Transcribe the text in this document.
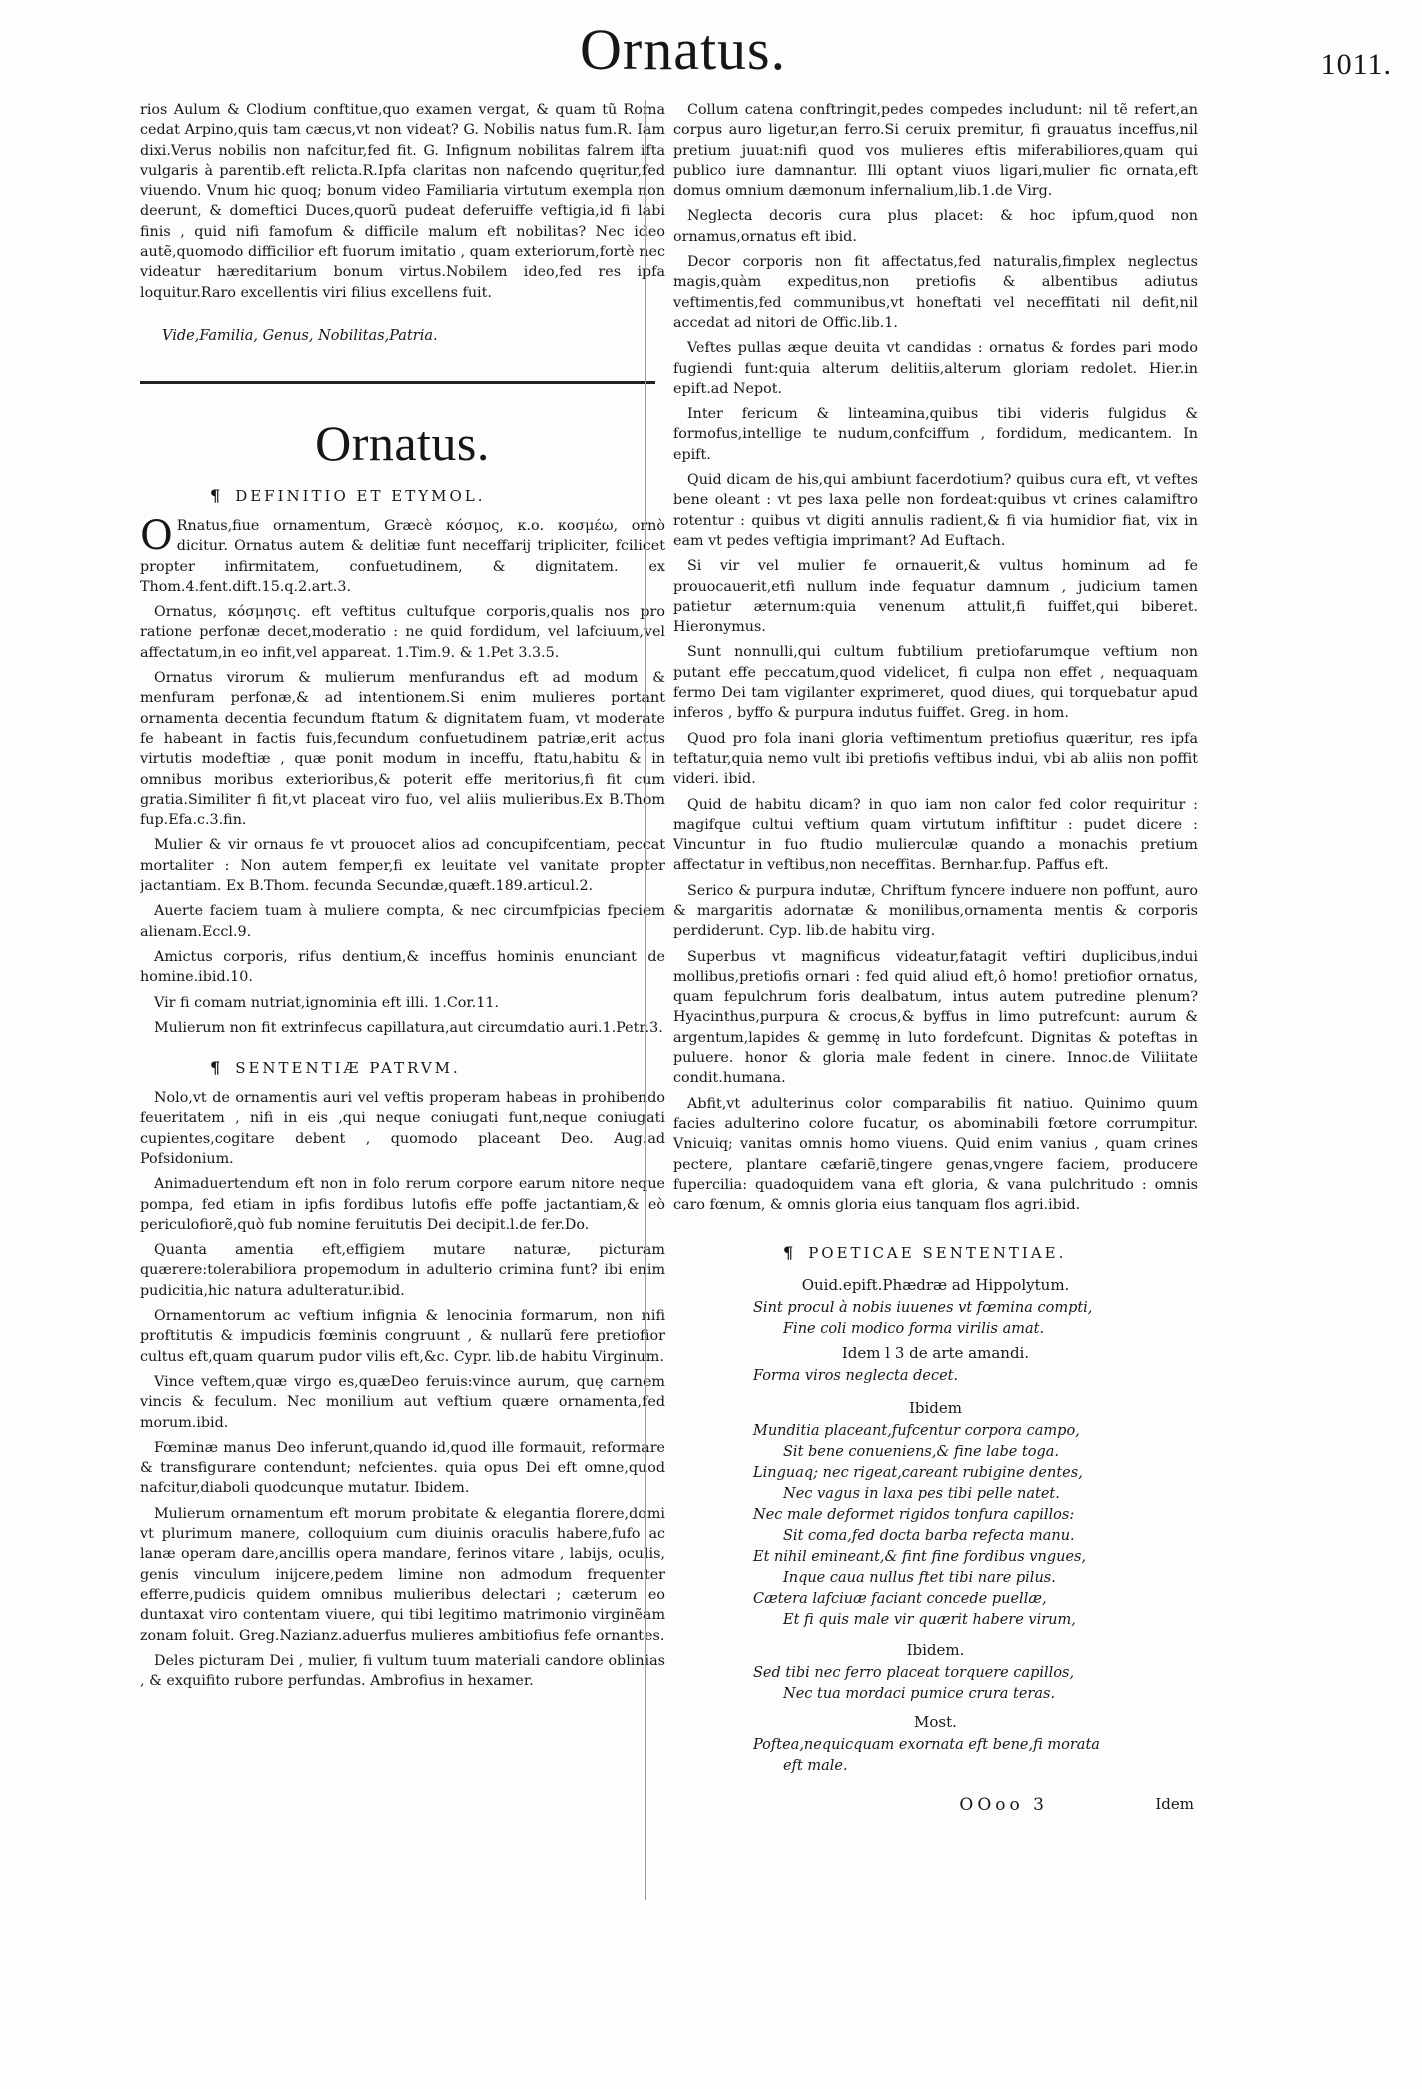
Ornatus.	1011.

rios Aulum & Clodium conftitue,quo examen vergat, & quam tũ Roma cedat Arpino,quis tam cæcus,vt non videat? G. Nobilis natus fum.R. Iam dixi.Verus nobilis non nafcitur,fed fit. G. Infignum nobilitas falrem ifta vulgaris à parentib.eft relicta.R.Ipfa claritas non nafcendo quęritur,fed viuendo. Vnum hic quoq; bonum video Familiaria virtutum exempla non deerunt, & domeftici Duces,quorũ pudeat deferuiffe veftigia,id fi labi finis , quid nifi famofum & difficile malum eft nobilitas? Nec ideo autẽ,quomodo difficilior eft fuorum imitatio , quam exteriorum,fortè nec videatur hæreditarium bonum virtus.Nobilem ideo,fed res ipfa loquitur.Raro excellentis viri filius excellens fuit.

Vide,Familia, Genus, Nobilitas,Patria.
Ornatus.
¶ DEFINITIO ET ETYMOL.
O Rnatus,fiue ornamentum, Græcè κόσμος, κ.ο. κοσμέω, ornò dicitur. Ornatus autem & delitiæ funt neceffarij tripliciter, fcilicet propter infirmitatem, confuetudinem, & dignitatem. ex Thom.4.fent.dift.15.q.2.art.3.

Ornatus, κόσμησις. eft veftitus cultufque corporis,qualis nos pro ratione perfonæ decet,moderatio : ne quid fordidum, vel lafciuum,vel affectatum,in eo infit,vel appareat. 1.Tim.9. & 1.Pet 3.3.5.

Ornatus virorum & mulierum menfurandus eft ad modum & menfuram perfonæ,& ad intentionem.Si enim mulieres portant ornamenta decentia fecundum ftatum & dignitatem fuam, vt moderate fe habeant in factis fuis,fecundum confuetudinem patriæ,erit actus virtutis modeftiæ , quæ ponit modum in inceffu, ftatu,habitu & in omnibus moribus exterioribus,& poterit effe meritorius,fi fit cum gratia.Similiter fi fit,vt placeat viro fuo, vel aliis mulieribus.Ex B.Thom fup.Efa.c.3.fin.

Mulier & vir ornaus fe vt prouocet alios ad concupifcentiam, peccat mortaliter : Non autem femper,fi ex leuitate vel vanitate propter jactantiam. Ex B.Thom. fecunda Secundæ,quæft.189.articul.2.

Auerte faciem tuam à muliere compta, & nec circumfpicias fpeciem alienam.Eccl.9.

Amictus corporis, rifus dentium,& inceffus hominis enunciant de homine.ibid.10.

Vir fi comam nutriat,ignominia eft illi. 1.Cor.11.

Mulierum non fit extrinfecus capillatura,aut circumdatio auri.1.Petr.3.

¶ SENTENTIÆ PATRVM.

Nolo,vt de ornamentis auri vel veftis properam habeas in prohibendo feueritatem , nifi in eis ,qui neque coniugati funt,neque coniugati cupientes,cogitare debent , quomodo placeant Deo. Aug.ad Pofsidonium.

Animaduertendum eft non in folo rerum corpore earum nitore neque pompa, fed etiam in ipfis fordibus lutofis effe poffe jactantiam,& eò periculofiorẽ,quò fub nomine feruitutis Dei decipit.l.de fer.Do.

Quanta amentia eft,effigiem mutare naturæ, picturam quærere:tolerabiliora propemodum in adulterio crimina funt? ibi enim pudicitia,hic natura adulteratur.ibid.

Ornamentorum ac veftium infignia & lenocinia formarum, non nifi proftitutis & impudicis fœminis congruunt , & nullarũ fere pretiofior cultus eft,quam quarum pudor vilis eft,&c. Cypr. lib.de habitu Virginum.

Vince veftem,quæ virgo es,quæDeo feruis:vince aurum, quę carnem vincis & feculum. Nec monilium aut veftium quære ornamenta,fed morum.ibid.

Fœminæ manus Deo inferunt,quando id,quod ille formauit, reformare & transfigurare contendunt; nefcientes. quia opus Dei eft omne,quod nafcitur,diaboli quodcunque mutatur. Ibidem.

Mulierum ornamentum eft morum probitate & elegantia florere,domi vt plurimum manere, colloquium cum diuinis oraculis habere,fufo ac lanæ operam dare,ancillis opera mandare, ferinos vitare , labijs, oculis, genis vinculum inijcere,pedem limine non admodum frequenter efferre,pudicis quidem omnibus mulieribus delectari ; cæterum eo duntaxat viro contentam viuere, qui tibi legitimo matrimonio virginẽam zonam foluit. Greg.Nazianz.aduerfus mulieres ambitiofius fefe ornantes.

Deles picturam Dei , mulier, fi vultum tuum materiali candore oblinias , & exquifito rubore perfundas. Ambrofius in hexamer.

Collum catena conftringit,pedes compedes includunt: nil tẽ refert,an corpus auro ligetur,an ferro.Si ceruix premitur, fi grauatus inceffus,nil pretium juuat:nifi quod vos mulieres eftis miferabiliores,quam qui publico iure damnantur. Illi optant viuos ligari,mulier fic ornata,eft domus omnium dæmonum infernalium,lib.1.de Virg.

Neglecta decoris cura plus placet: & hoc ipfum,quod non ornamus,ornatus eft ibid.

Decor corporis non fit affectatus,fed naturalis,fimplex neglectus magis,quàm expeditus,non pretiofis & albentibus adiutus veftimentis,fed communibus,vt honeftati vel neceffitati nil defit,nil accedat ad nitori de Offic.lib.1.

Veftes pullas æque deuita vt candidas : ornatus & fordes pari modo fugiendi funt:quia alterum delitiis,alterum gloriam redolet. Hier.in epift.ad Nepot.

Inter fericum & linteamina,quibus tibi videris fulgidus & formofus,intellige te nudum,confciffum , fordidum, medicantem. In epift.

Quid dicam de his,qui ambiunt facerdotium? quibus cura eft, vt veftes bene oleant : vt pes laxa pelle non fordeat:quibus vt crines calamiftro rotentur : quibus vt digiti annulis radient,& fi via humidior fiat, vix in eam vt pedes veftigia imprimant? Ad Euftach.

Si vir vel mulier fe ornauerit,& vultus hominum ad fe prouocauerit,etfi nullum inde fequatur damnum , judicium tamen patietur æternum:quia venenum attulit,fi fuiffet,qui biberet. Hieronymus.

Sunt nonnulli,qui cultum fubtilium pretiofarumque veftium non putant effe peccatum,quod videlicet, fi culpa non effet , nequaquam fermo Dei tam vigilanter exprimeret, quod diues, qui torquebatur apud inferos , byffo & purpura indutus fuiffet. Greg. in hom.

Quod pro fola inani gloria veftimentum pretiofius quæritur, res ipfa teftatur,quia nemo vult ibi pretiofis veftibus indui, vbi ab aliis non poffit videri. ibid.

Quid de habitu dicam? in quo iam non calor fed color requiritur : magifque cultui veftium quam virtutum infiftitur : pudet dicere : Vincuntur in fuo ftudio mulierculæ quando a monachis pretium affectatur in veftibus,non neceffitas. Bernhar.fup. Paffus eft.

Serico & purpura indutæ, Chriftum fyncere induere non poffunt, auro & margaritis adornatæ & monilibus,ornamenta mentis & corporis perdiderunt. Cyp. lib.de habitu virg.

Superbus vt magnificus videatur,fatagit veftiri duplicibus,indui mollibus,pretiofis ornari : fed quid aliud eft,ô homo! pretiofior ornatus, quam fepulchrum foris dealbatum, intus autem putredine plenum? Hyacinthus,purpura & crocus,& byffus in limo putrefcunt: aurum & argentum,lapides & gemmę in luto fordefcunt. Dignitas & poteftas in puluere. honor & gloria male fedent in cinere. Innoc.de Viliitate condit.humana.

Abfit,vt adulterinus color comparabilis fit natiuo. Quinimo quum facies adulterino colore fucatur, os abominabili fœtore corrumpitur. Vnicuiq; vanitas omnis homo viuens. Quid enim vanius , quam crines pectere, plantare cæfariẽ,tingere genas,vngere faciem, producere fupercilia: quadoquidem vana eft gloria, & vana pulchritudo : omnis caro fœnum, & omnis gloria eius tanquam flos agri.ibid.

¶ POETICAE SENTENTIAE.
Ouid.epift.Phædræ ad Hippolytum.
Sint procul à nobis iuuenes vt fœmina compti,
Fine coli modico forma virilis amat.
Idem l 3 de arte amandi.
Forma viros neglecta decet.
Ibidem
Munditia placeant,fufcentur corpora campo,
Sit bene conueniens,& fine labe toga.
Linguaq; nec rigeat,careant rubigine dentes,
Nec vagus in laxa pes tibi pelle natet.
Nec male deformet rigidos tonfura capillos:
Sit coma,fed docta barba refecta manu.
Et nihil emineant,& fint fine fordibus vngues,
Inque caua nullus ftet tibi nare pilus.
Cætera lafciuæ faciant concede puellæ,
Et fi quis male vir quærit habere virum,
Ibidem.
Sed tibi nec ferro placeat torquere capillos,
Nec tua mordaci pumice crura teras.
Most.
Poftea,nequicquam exornata eft bene,fi morata
eft male.
OOoo 3	Idem
